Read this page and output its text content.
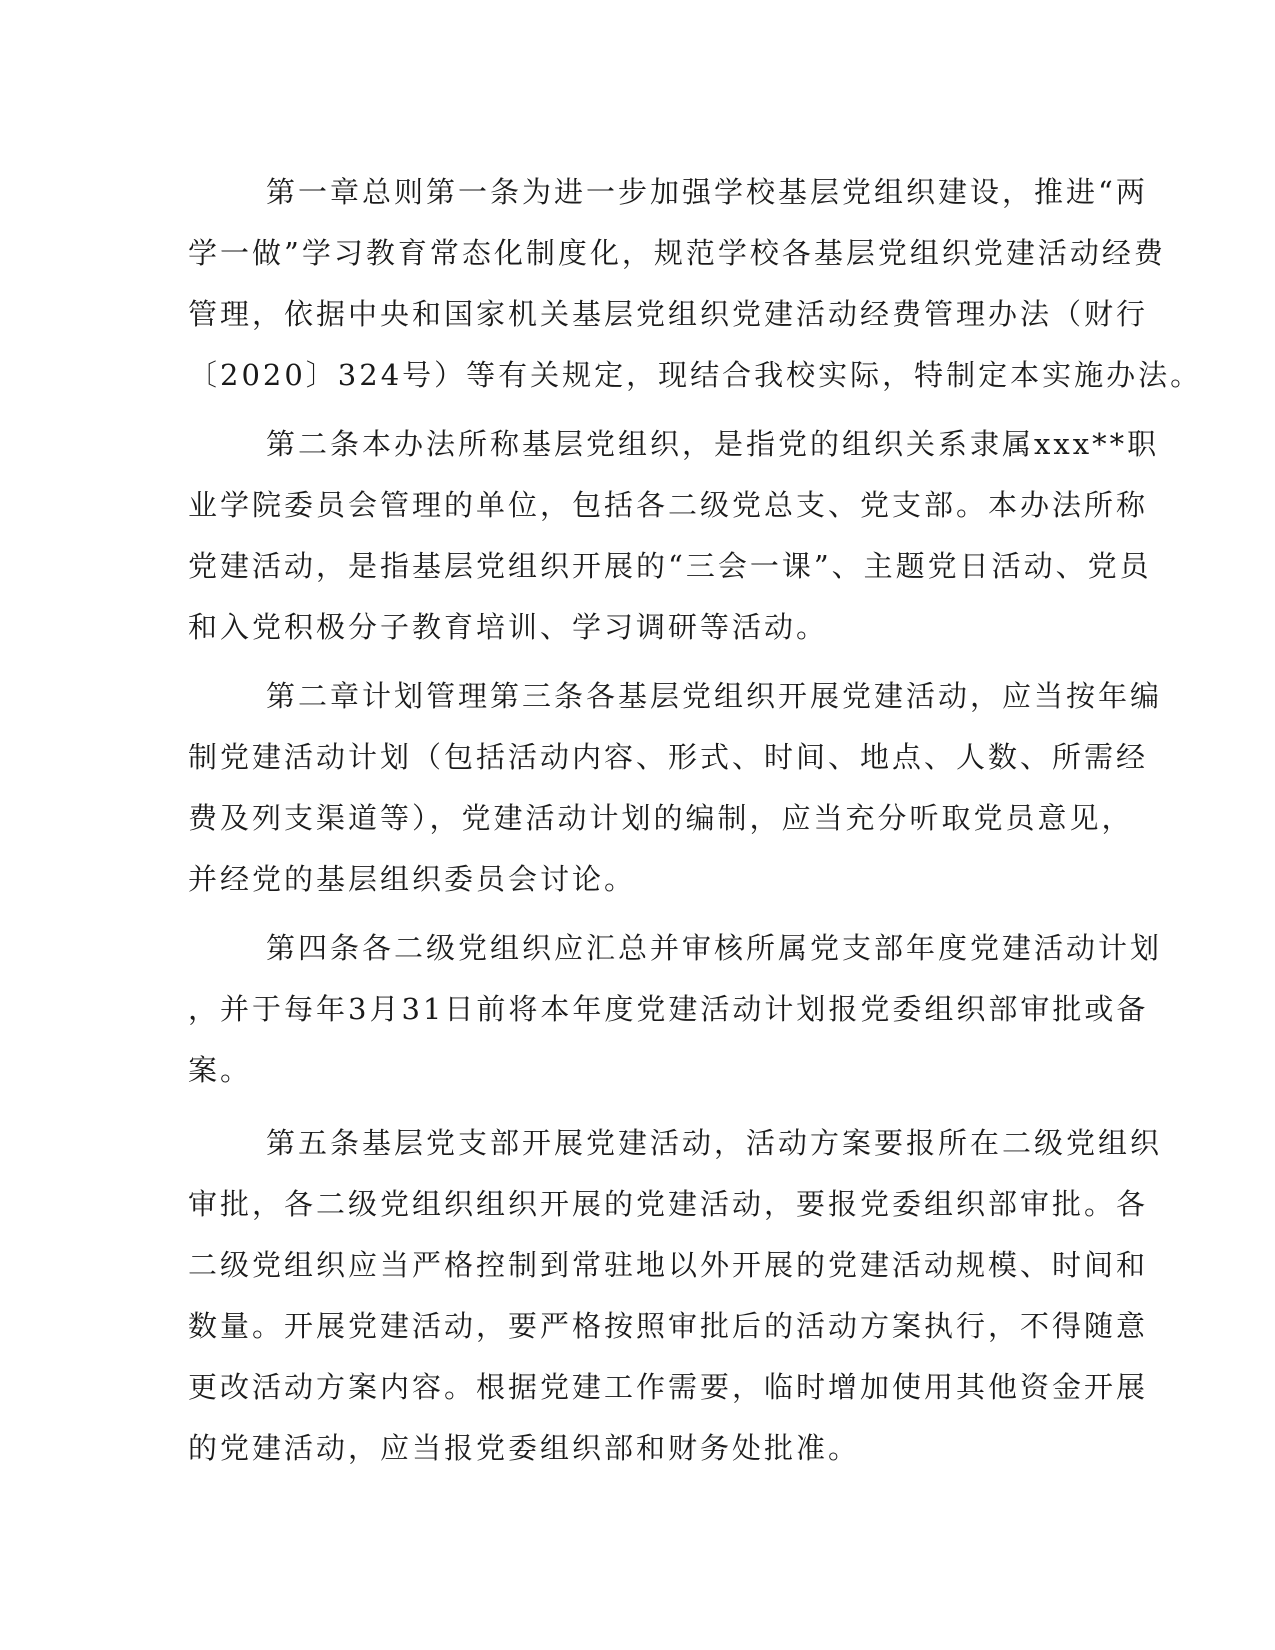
第一章总则第一条为进一步加强学校基层党组织建设，推进“两
学一做”学习教育常态化制度化，规范学校各基层党组织党建活动经费
管理，依据中央和国家机关基层党组织党建活动经费管理办法（财行
〔2020〕324号）等有关规定，现结合我校实际，特制定本实施办法。
第二条本办法所称基层党组织，是指党的组织关系隶属xxx**职
业学院委员会管理的单位，包括各二级党总支、党支部。本办法所称
党建活动，是指基层党组织开展的“三会一课”、主题党日活动、党员
和入党积极分子教育培训、学习调研等活动。
第二章计划管理第三条各基层党组织开展党建活动，应当按年编
制党建活动计划（包括活动内容、形式、时间、地点、人数、所需经
费及列支渠道等），党建活动计划的编制，应当充分听取党员意见，
并经党的基层组织委员会讨论。
第四条各二级党组织应汇总并审核所属党支部年度党建活动计划
，并于每年3月31日前将本年度党建活动计划报党委组织部审批或备
案。
第五条基层党支部开展党建活动，活动方案要报所在二级党组织
审批，各二级党组织组织开展的党建活动，要报党委组织部审批。各
二级党组织应当严格控制到常驻地以外开展的党建活动规模、时间和
数量。开展党建活动，要严格按照审批后的活动方案执行，不得随意
更改活动方案内容。根据党建工作需要，临时增加使用其他资金开展
的党建活动，应当报党委组织部和财务处批准。
